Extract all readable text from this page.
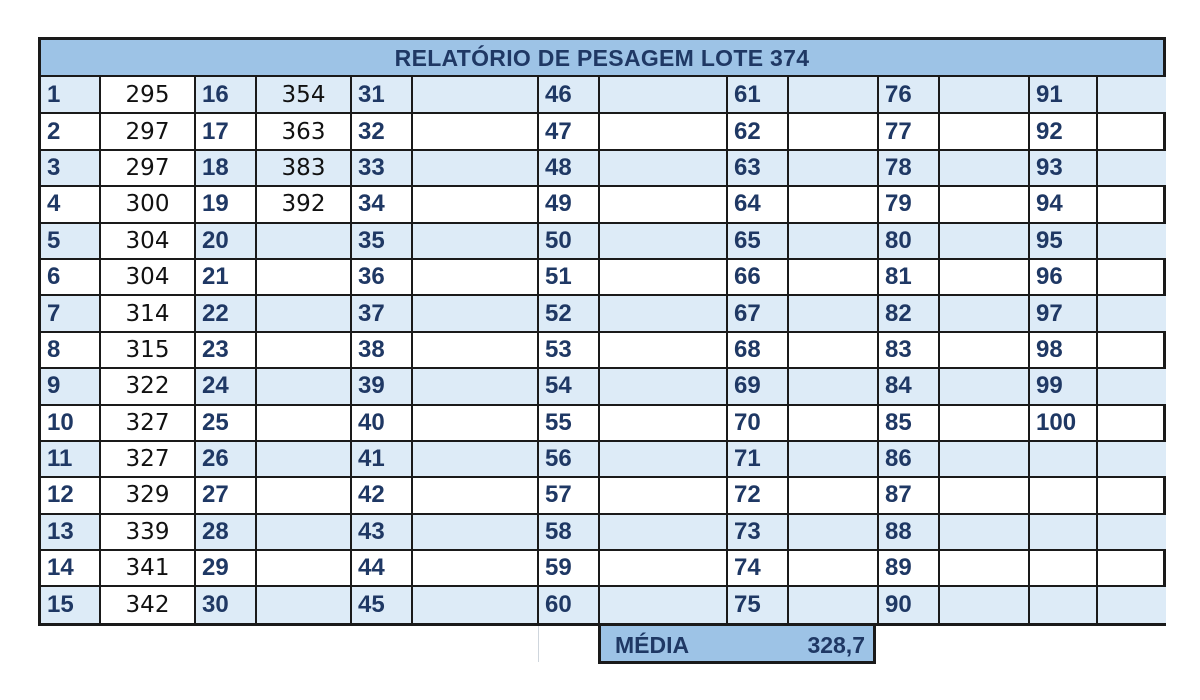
RELATÓRIO DE PESAGEM LOTE 374
1	295	16	354	31		46		61		76		91	
2	297	17	363	32		47		62		77		92	
3	297	18	383	33		48		63		78		93	
4	300	19	392	34		49		64		79		94	
5	304	20		35		50		65		80		95	
6	304	21		36		51		66		81		96	
7	314	22		37		52		67		82		97	
8	315	23		38		53		68		83		98	
9	322	24		39		54		69		84		99	
10	327	25		40		55		70		85		100	
11	327	26		41		56		71		86			
12	329	27		42		57		72		87			
13	339	28		43		58		73		88			
14	341	29		44		59		74		89			
15	342	30		45		60		75		90			
MÉDIA	328,7
